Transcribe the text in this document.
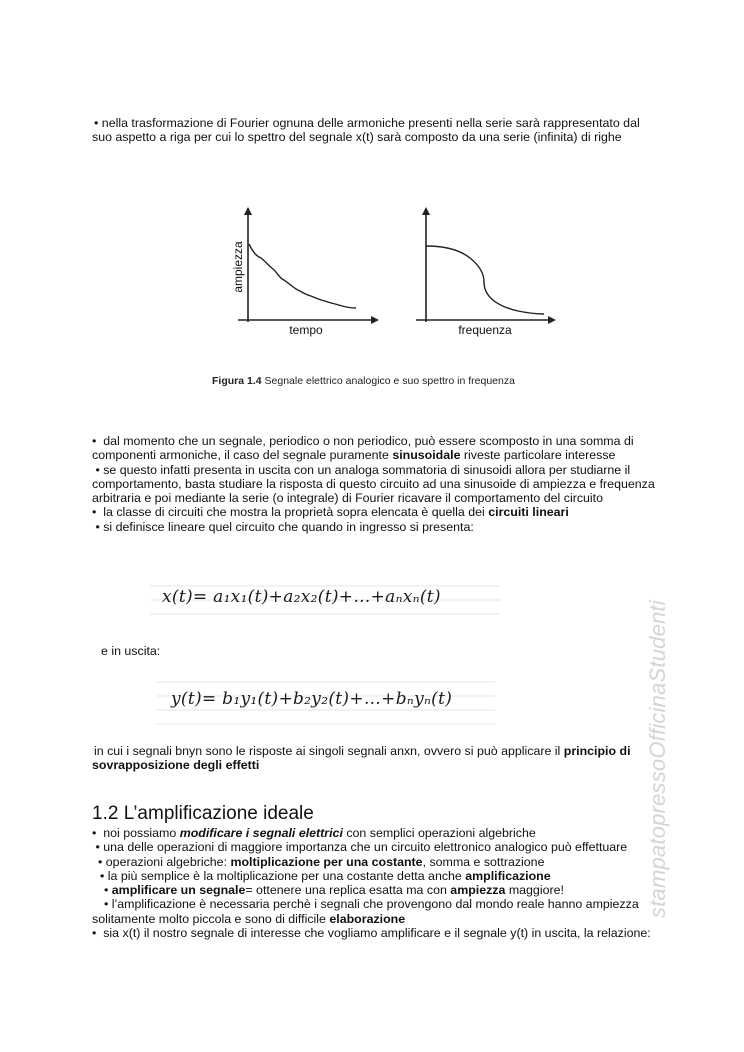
• nella trasformazione di Fourier ognuna delle armoniche presenti nella serie sarà rappresentato dal suo aspetto a riga per cui lo spettro del segnale x(t) sarà composto da una serie (infinita) di righe

ampiezza
tempo	frequenza
Figura 1.4 Segnale elettrico analogico e suo spettro in frequenza

•  dal momento che un segnale, periodico o non periodico, può essere scomposto in una somma di componenti armoniche, il caso del segnale puramente sinusoidale riveste particolare interesse

• se questo infatti presenta in uscita con un analoga sommatoria di sinusoidi allora per studiarne il comportamento, basta studiare la risposta di questo circuito ad una sinusoide di ampiezza e frequenza arbitraria e poi mediante la serie (o integrale) di Fourier ricavare il comportamento del circuito

•  la classe di circuiti che mostra la proprietà sopra elencata è quella dei circuiti lineari

• si definisce lineare quel circuito che quando in ingresso si presenta:

x(t)= a₁x₁(t)+a₂x₂(t)+…+aₙxₙ(t)
e in uscita:
y(t)= b₁y₁(t)+b₂y₂(t)+…+bₙyₙ(t)

in cui i segnali bnyn sono le risposte ai singoli segnali anxn, ovvero si può applicare il principio di sovrapposizione degli effetti

1.2 L’amplificazione ideale

•  noi possiamo modificare i segnali elettrici con semplici operazioni algebriche

• una delle operazioni di maggiore importanza che un circuito elettronico analogico può effettuare

• operazioni algebriche: moltiplicazione per una costante, somma e sottrazione

• la più semplice è la moltiplicazione per una costante detta anche amplificazione

• amplificare un segnale= ottenere una replica esatta ma con ampiezza maggiore!

• l’amplificazione è necessaria perchè i segnali che provengono dal mondo reale hanno ampiezza solitamente molto piccola e sono di difficile elaborazione

•  sia x(t) il nostro segnale di interesse che vogliamo amplificare e il segnale y(t) in uscita, la relazione:

stampatopressoOfficinaStudenti
